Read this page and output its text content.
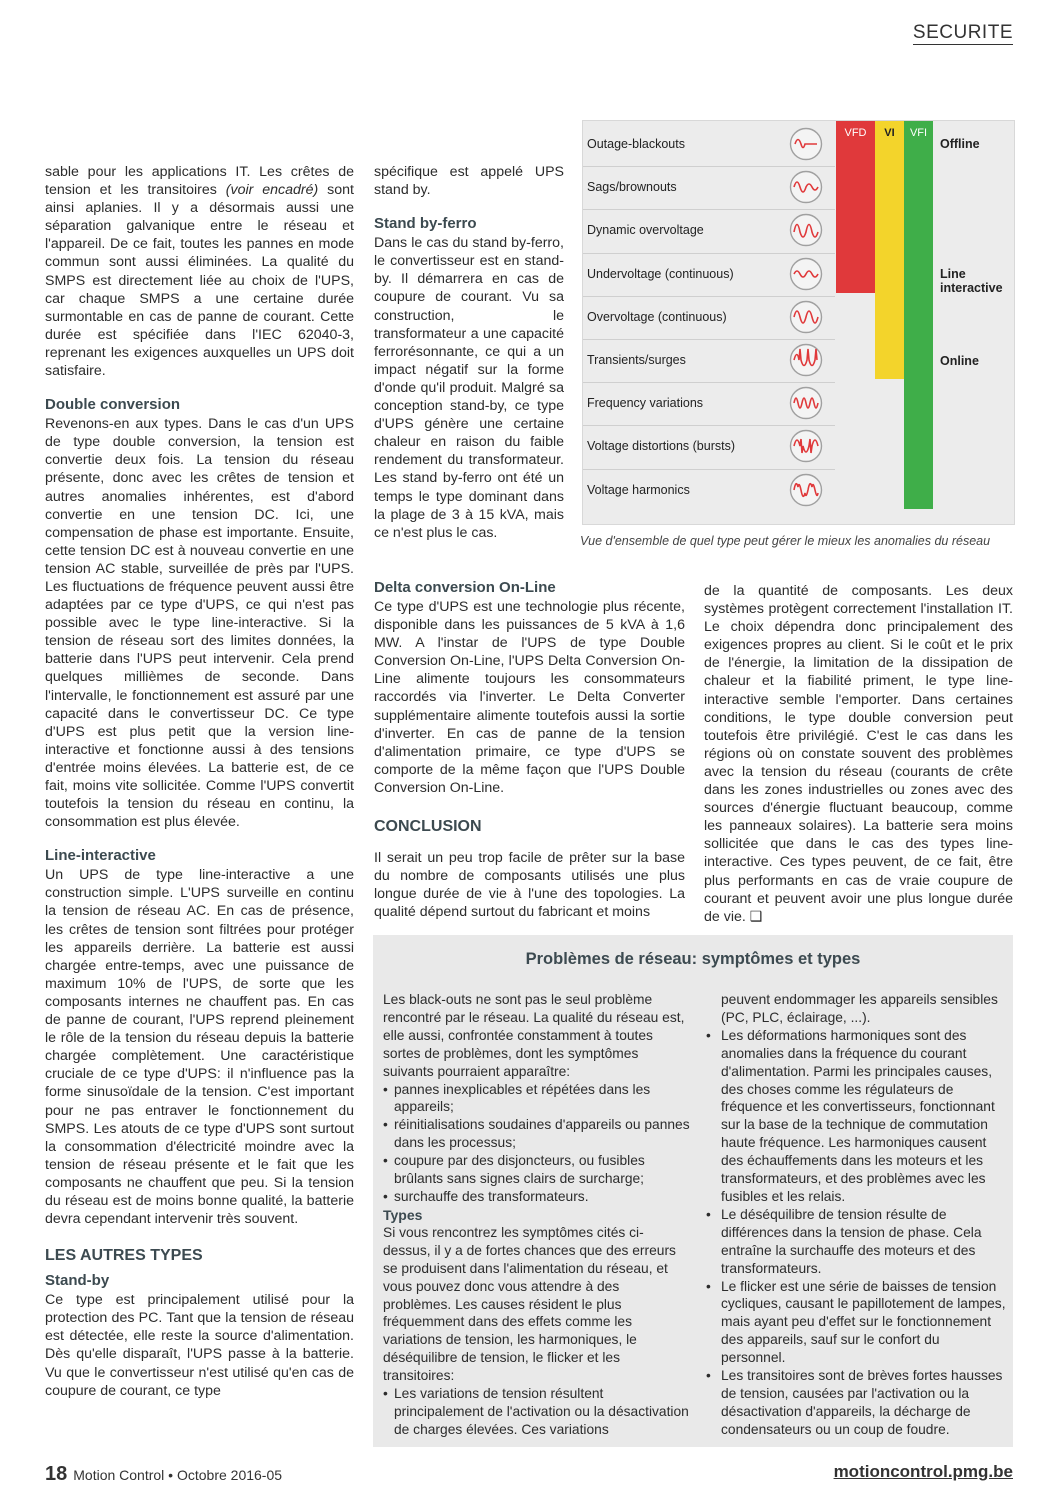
SECURITE

sable pour les applications IT. Les crêtes de tension et les transitoires (voir encadré) sont ainsi aplanies. Il y a désormais aussi une séparation galvanique entre le réseau et l'appareil. De ce fait, toutes les pannes en mode commun sont aussi éliminées. La qualité du SMPS est directement liée au choix de l'UPS, car chaque SMPS a une certaine durée surmontable en cas de panne de courant. Cette durée est spécifiée dans l'IEC 62040-3, reprenant les exigences auxquelles un UPS doit satisfaire.

Double conversion

Revenons-en aux types. Dans le cas d'un UPS de type double conversion, la tension est convertie deux fois. La tension du réseau présente, donc avec les crêtes de tension et autres anomalies inhérentes, est d'abord convertie en une tension DC. Ici, une compensation de phase est importante. Ensuite, cette tension DC est à nouveau convertie en une tension AC stable, surveillée de près par l'UPS. Les fluctuations de fréquence peuvent aussi être adaptées par ce type d'UPS, ce qui n'est pas possible avec le type line-interactive. Si la tension de réseau sort des limites données, la batterie dans l'UPS peut intervenir. Cela prend quelques millièmes de seconde. Dans l'intervalle, le fonctionnement est assuré par une capacité dans le convertisseur DC. Ce type d'UPS est plus petit que la version line-interactive et fonctionne aussi à des tensions d'entrée moins élevées. La batterie est, de ce fait, moins vite sollicitée. Comme l'UPS convertit toutefois la tension du réseau en continu, la consommation est plus élevée.

Line-interactive

Un UPS de type line-interactive a une construction simple. L'UPS surveille en continu la tension de réseau AC. En cas de présence, les crêtes de tension sont filtrées pour protéger les appareils derrière. La batterie est aussi chargée entre-temps, avec une puissance de maximum 10% de l'UPS, de sorte que les composants internes ne chauffent pas. En cas de panne de courant, l'UPS reprend pleinement le rôle de la tension du réseau depuis la batterie chargée complètement. Une caractéristique cruciale de ce type d'UPS: il n'influence pas la forme sinusoïdale de la tension. C'est important pour ne pas entraver le fonctionnement du SMPS. Les atouts de ce type d'UPS sont surtout la consommation d'électricité moindre avec la tension de réseau présente et le fait que les composants ne chauffent que peu. Si la tension du réseau est de moins bonne qualité, la batterie devra cependant intervenir très souvent.

LES AUTRES TYPES
Stand-by

Ce type est principalement utilisé pour la protection des PC. Tant que la tension de réseau est détectée, elle reste la source d'alimentation. Dès qu'elle disparaît, l'UPS passe à la batterie. Vu que le convertisseur n'est utilisé qu'en cas de coupure de courant, ce type

spécifique est appelé UPS stand by.

Stand by-ferro

Dans le cas du stand by-ferro, le convertisseur est en stand-by. Il démarrera en cas de coupure de courant. Vu sa construction, le transformateur a une capacité ferrorésonnante, ce qui a un impact négatif sur la forme d'onde qu'il produit. Malgré sa conception stand-by, ce type d'UPS génère une certaine chaleur en raison du faible rendement du transformateur. Les stand by-ferro ont été un temps le type dominant dans la plage de 3 à 15 kVA, mais ce n'est plus le cas.

VFD	VI	VFI
Offline
Line interactive
Online
Outage-blackouts
Sags/brownouts
Dynamic overvoltage
Undervoltage (continuous)
Overvoltage (continuous)
Transients/surges
Frequency variations
Voltage distortions (bursts)
Voltage harmonics
Vue d'ensemble de quel type peut gérer le mieux les anomalies du réseau
Delta conversion On-Line

Ce type d'UPS est une technologie plus récente, disponible dans les puissances de 5 kVA à 1,6 MW. A l'instar de l'UPS de type Double Conversion On-Line, l'UPS Delta Conversion On-Line alimente toujours les consommateurs raccordés via l'inverter. Le Delta Converter supplémentaire alimente toutefois aussi la sortie d'inverter. En cas de panne de la tension d'alimentation primaire, ce type d'UPS se comporte de la même façon que l'UPS Double Conversion On-Line.

CONCLUSION

Il serait un peu trop facile de prêter sur la base du nombre de composants utilisés une plus longue durée de vie à l'une des topologies. La qualité dépend surtout du fabricant et moins

de la quantité de composants. Les deux systèmes protègent correctement l'installation IT. Le choix dépendra donc principalement des exigences propres au client. Si le coût et le prix de l'énergie, la limitation de la dissipation de chaleur et la fiabilité priment, le type line-interactive semble l'emporter. Dans certaines conditions, le type double conversion peut toutefois être privilégié. C'est le cas dans les régions où on constate souvent des problèmes avec la tension du réseau (courants de crête dans les zones industrielles ou zones avec des sources d'énergie fluctuant beaucoup, comme les panneaux solaires). La batterie sera moins sollicitée que dans le cas des types line-interactive. Ces types peuvent, de ce fait, être plus performants en cas de vraie coupure de courant et peuvent avoir une plus longue durée de vie. ❑

Problèmes de réseau: symptômes et types

Les black-outs ne sont pas le seul problème rencontré par le réseau. La qualité du réseau est, elle aussi, confrontée constamment à toutes sortes de problèmes, dont les symptômes suivants pourraient apparaître:

• pannes inexplicables et répétées dans les appareils;
• réinitialisations soudaines d'appareils ou pannes dans les processus;
• coupure par des disjoncteurs, ou fusibles brûlants sans signes clairs de surcharge;
• surchauffe des transformateurs.
Types

Si vous rencontrez les symptômes cités ci-dessus, il y a de fortes chances que des erreurs se produisent dans l'alimentation du réseau, et vous pouvez donc vous attendre à des problèmes. Les causes résident le plus fréquemment dans des effets comme les variations de tension, les harmoniques, le déséquilibre de tension, le flicker et les transitoires:

• Les variations de tension résultent principalement de l'activation ou la désactivation de charges élevées. Ces variations

peuvent endommager les appareils sensibles (PC, PLC, éclairage, ...).

• Les déformations harmoniques sont des anomalies dans la fréquence du courant d'alimentation. Parmi les principales causes, des choses comme les régulateurs de fréquence et les convertisseurs, fonctionnant sur la base de la technique de commutation haute fréquence. Les harmoniques causent des échauffements dans les moteurs et les transformateurs, et des problèmes avec les fusibles et les relais.
• Le déséquilibre de tension résulte de différences dans la tension de phase. Cela entraîne la surchauffe des moteurs et des transformateurs.
• Le flicker est une série de baisses de tension cycliques, causant le papillotement de lampes, mais ayant peu d'effet sur le fonctionnement des appareils, sauf sur le confort du personnel.
• Les transitoires sont de brèves fortes hausses de tension, causées par l'activation ou la désactivation d'appareils, la décharge de condensateurs ou un coup de foudre.
18 Motion Control • Octobre 2016-05	motioncontrol.pmg.be
